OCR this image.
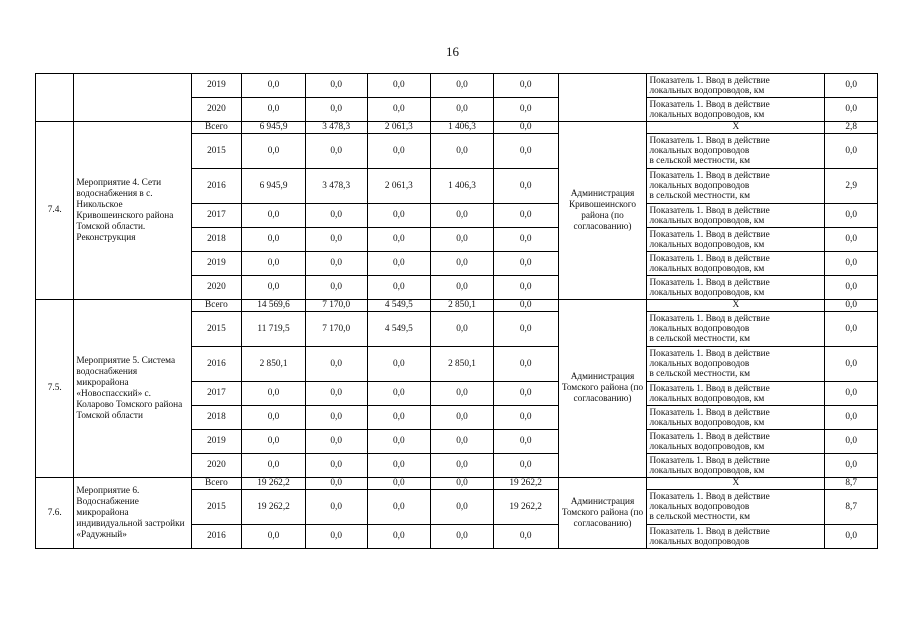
16
		2019	0,0	0,0	0,0	0,0	0,0		Показатель 1. Ввод в действие
локальных водопроводов, км	0,0
		2020	0,0	0,0	0,0	0,0	0,0		Показатель 1. Ввод в действие
локальных водопроводов, км	0,0
7.4.	Мероприятие 4. Сети водоснабжения в с. Никольское Кривошеинского района Томской области. Реконструкция	Всего	6 945,9	3 478,3	2 061,3	1 406,3	0,0	Администрация Кривошеинского района (по согласованию)	X	2,8
		2015	0,0	0,0	0,0	0,0	0,0		Показатель 1. Ввод в действие
локальных водопроводов
в сельской местности, км	0,0
		2016	6 945,9	3 478,3	2 061,3	1 406,3	0,0		Показатель 1. Ввод в действие
локальных водопроводов
в сельской местности, км	2,9
		2017	0,0	0,0	0,0	0,0	0,0		Показатель 1. Ввод в действие
локальных водопроводов, км	0,0
		2018	0,0	0,0	0,0	0,0	0,0		Показатель 1. Ввод в действие
локальных водопроводов, км	0,0
		2019	0,0	0,0	0,0	0,0	0,0		Показатель 1. Ввод в действие
локальных водопроводов, км	0,0
		2020	0,0	0,0	0,0	0,0	0,0		Показатель 1. Ввод в действие
локальных водопроводов, км	0,0
7.5.	Мероприятие 5. Система водоснабжения микрорайона «Новоспасский» с. Коларово Томского района Томской области	Всего	14 569,6	7 170,0	4 549,5	2 850,1	0,0	Администрация Томского района (по согласованию)	X	0,0
		2015	11 719,5	7 170,0	4 549,5	0,0	0,0		Показатель 1. Ввод в действие
локальных водопроводов
в сельской местности, км	0,0
		2016	2 850,1	0,0	0,0	2 850,1	0,0		Показатель 1. Ввод в действие
локальных водопроводов
в сельской местности, км	0,0
		2017	0,0	0,0	0,0	0,0	0,0		Показатель 1. Ввод в действие
локальных водопроводов, км	0,0
		2018	0,0	0,0	0,0	0,0	0,0		Показатель 1. Ввод в действие
локальных водопроводов, км	0,0
		2019	0,0	0,0	0,0	0,0	0,0		Показатель 1. Ввод в действие
локальных водопроводов, км	0,0
		2020	0,0	0,0	0,0	0,0	0,0		Показатель 1. Ввод в действие
локальных водопроводов, км	0,0
7.6.	Мероприятие 6. Водоснабжение микрорайона индивидуальной застройки «Радужный»	Всего	19 262,2	0,0	0,0	0,0	19 262,2	Администрация Томского района (по согласованию)	X	8,7
		2015	19 262,2	0,0	0,0	0,0	19 262,2		Показатель 1. Ввод в действие
локальных водопроводов
в сельской местности, км	8,7
		2016	0,0	0,0	0,0	0,0	0,0		Показатель 1. Ввод в действие
локальных водопроводов	0,0
